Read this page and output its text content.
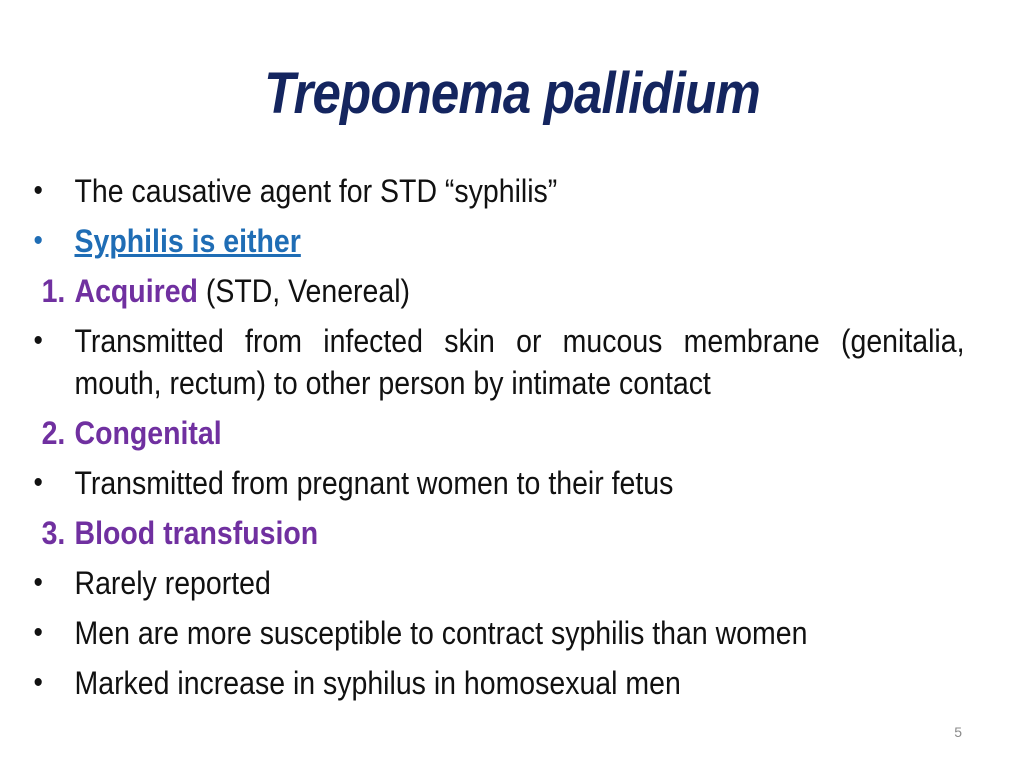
Treponema pallidium
• The causative agent for STD “syphilis”
• Syphilis is either
1. Acquired (STD, Venereal)
• Transmitted from infected skin or mucous membrane (genitalia, mouth, rectum) to other person by intimate contact
2. Congenital
• Transmitted from pregnant women to their fetus
3. Blood transfusion
• Rarely reported
• Men are more susceptible to contract syphilis than women
• Marked increase in syphilus in homosexual men
5
